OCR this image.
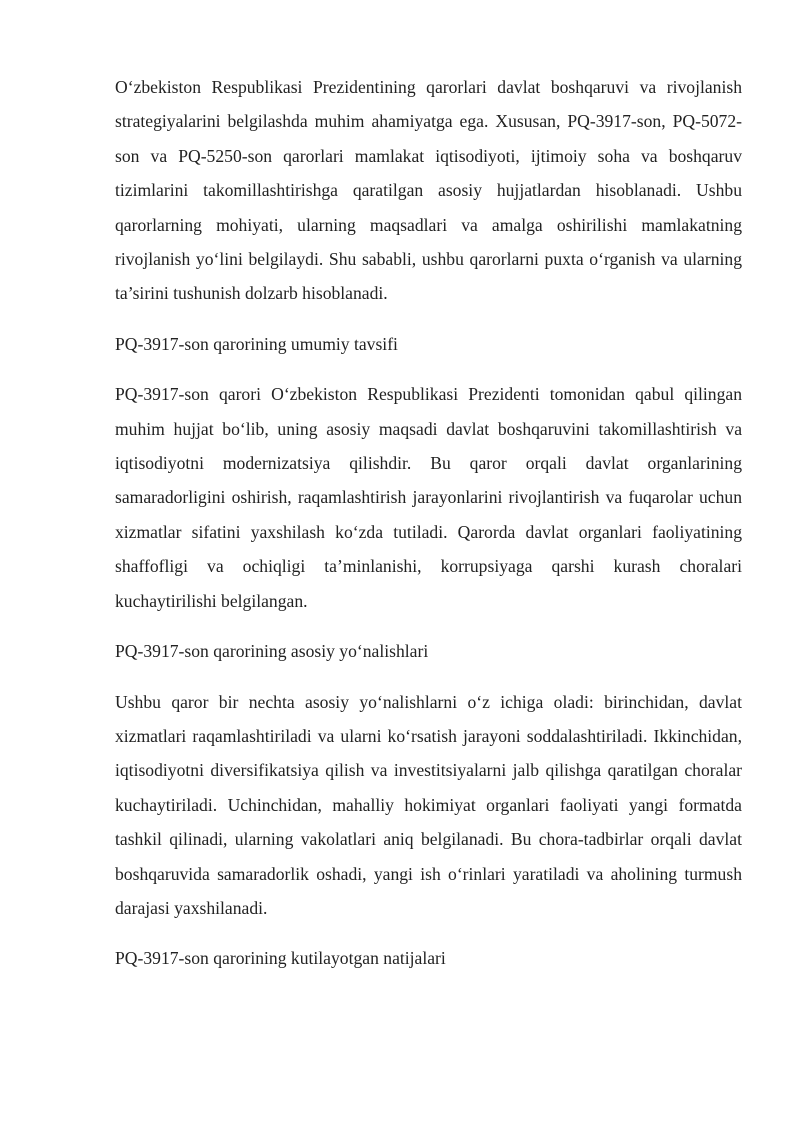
O‘zbekiston Respublikasi Prezidentining qarorlari davlat boshqaruvi va rivojlanish strategiyalarini belgilashda muhim ahamiyatga ega. Xususan, PQ-3917-son, PQ-5072-son va PQ-5250-son qarorlari mamlakat iqtisodiyoti, ijtimoiy soha va boshqaruv tizimlarini takomillashtirishga qaratilgan asosiy hujjatlardan hisoblanadi. Ushbu qarorlarning mohiyati, ularning maqsadlari va amalga oshirilishi mamlakatning rivojlanish yo‘lini belgilaydi. Shu sababli, ushbu qarorlarni puxta o‘rganish va ularning ta’sirini tushunish dolzarb hisoblanadi.

PQ-3917-son qarorining umumiy tavsifi

PQ-3917-son qarori O‘zbekiston Respublikasi Prezidenti tomonidan qabul qilingan muhim hujjat bo‘lib, uning asosiy maqsadi davlat boshqaruvini takomillashtirish va iqtisodiyotni modernizatsiya qilishdir. Bu qaror orqali davlat organlarining samaradorligini oshirish, raqamlashtirish jarayonlarini rivojlantirish va fuqarolar uchun xizmatlar sifatini yaxshilash ko‘zda tutiladi. Qarorda davlat organlari faoliyatining shaffofligi va ochiqligi ta’minlanishi, korrupsiyaga qarshi kurash choralari kuchaytirilishi belgilangan.

PQ-3917-son qarorining asosiy yo‘nalishlari

Ushbu qaror bir nechta asosiy yo‘nalishlarni o‘z ichiga oladi: birinchidan, davlat xizmatlari raqamlashtiriladi va ularni ko‘rsatish jarayoni soddalashtiriladi. Ikkinchidan, iqtisodiyotni diversifikatsiya qilish va investitsiyalarni jalb qilishga qaratilgan choralar kuchaytiriladi. Uchinchidan, mahalliy hokimiyat organlari faoliyati yangi formatda tashkil qilinadi, ularning vakolatlari aniq belgilanadi. Bu chora-tadbirlar orqali davlat boshqaruvida samaradorlik oshadi, yangi ish o‘rinlari yaratiladi va aholining turmush darajasi yaxshilanadi.

PQ-3917-son qarorining kutilayotgan natijalari
